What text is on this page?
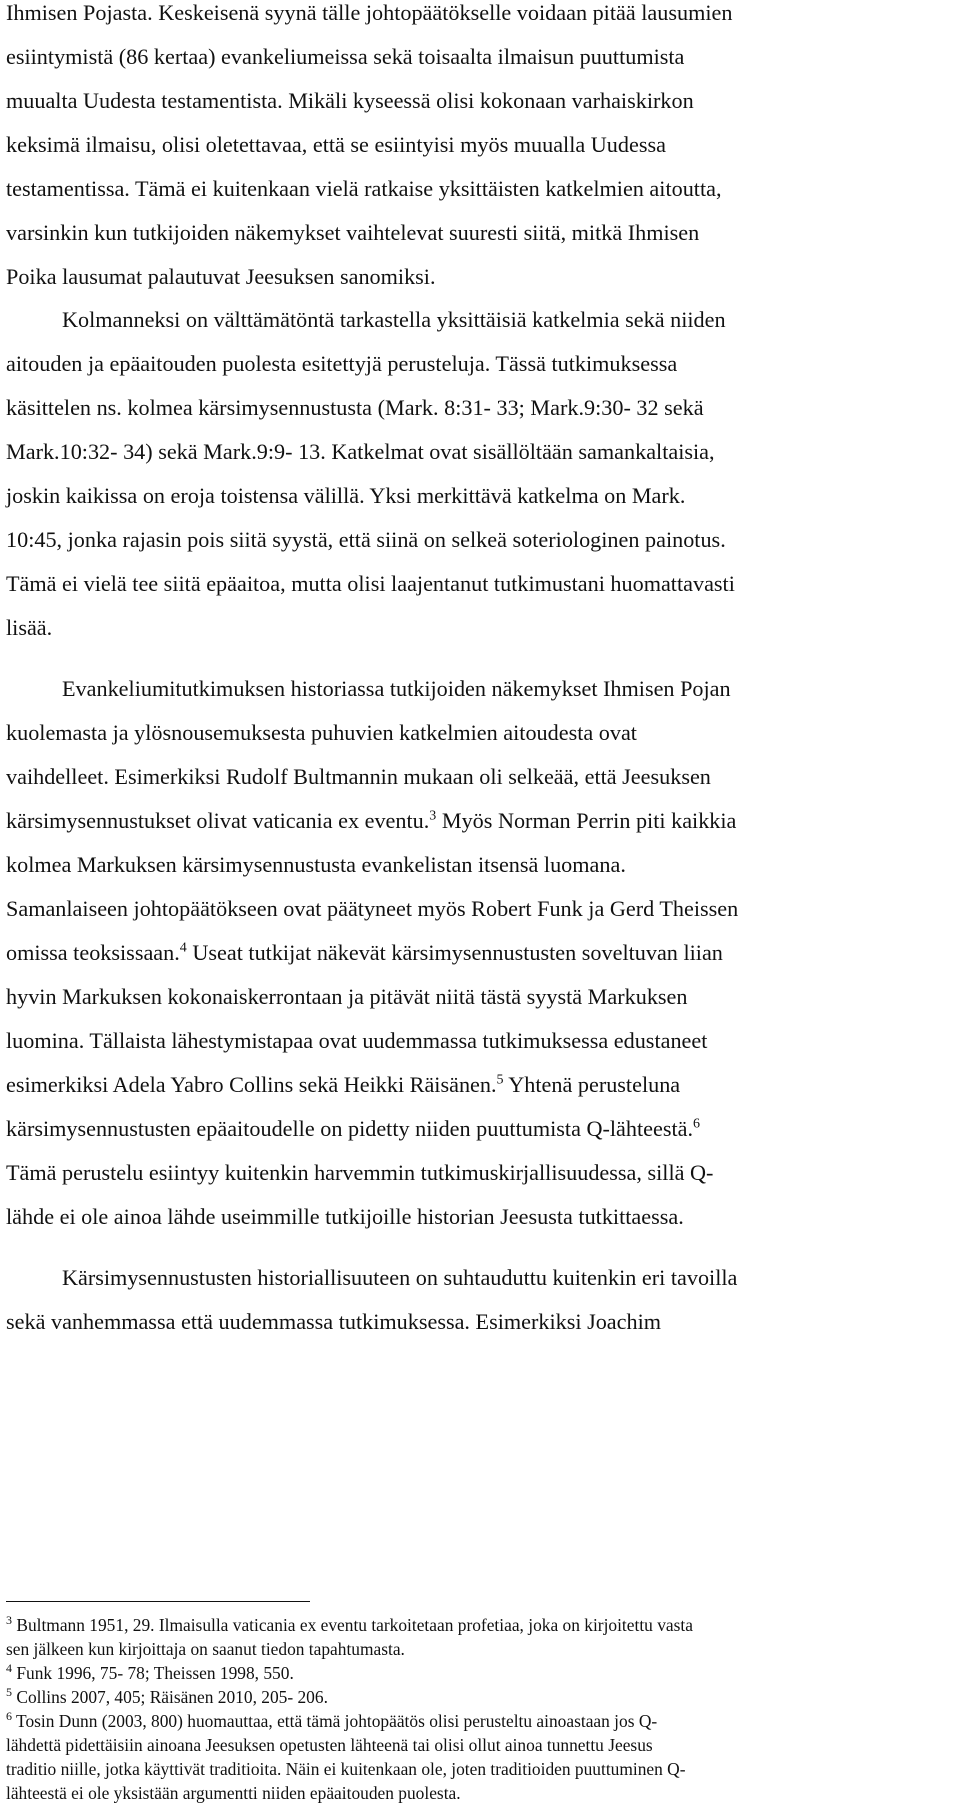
Ihmisen Pojasta. Keskeisenä syynä tälle johtopäätökselle voidaan pitää lausumien
esiintymistä (86 kertaa) evankeliumeissa sekä toisaalta ilmaisun puuttumista
muualta Uudesta testamentista. Mikäli kyseessä olisi kokonaan varhaiskirkon
keksimä ilmaisu, olisi oletettavaa, että se esiintyisi myös muualla Uudessa
testamentissa. Tämä ei kuitenkaan vielä ratkaise yksittäisten katkelmien aitoutta,
varsinkin kun tutkijoiden näkemykset vaihtelevat suuresti siitä, mitkä Ihmisen
Poika lausumat palautuvat Jeesuksen sanomiksi.
Kolmanneksi on välttämätöntä tarkastella yksittäisiä katkelmia sekä niiden
aitouden ja epäaitouden puolesta esitettyjä perusteluja. Tässä tutkimuksessa
käsittelen ns. kolmea kärsimysennustusta (Mark. 8:31- 33; Mark.9:30- 32 sekä
Mark.10:32- 34) sekä Mark.9:9- 13. Katkelmat ovat sisällöltään samankaltaisia,
joskin kaikissa on eroja toistensa välillä. Yksi merkittävä katkelma on Mark.
10:45, jonka rajasin pois siitä syystä, että siinä on selkeä soteriologinen painotus.
Tämä ei vielä tee siitä epäaitoa, mutta olisi laajentanut tutkimustani huomattavasti
lisää.
Evankeliumitutkimuksen historiassa tutkijoiden näkemykset Ihmisen Pojan
kuolemasta ja ylösnousemuksesta puhuvien katkelmien aitoudesta ovat
vaihdelleet. Esimerkiksi Rudolf Bultmannin mukaan oli selkeää, että Jeesuksen
kärsimysennustukset olivat vaticania ex eventu.$^3$ Myös Norman Perrin piti kaikkia
kolmea Markuksen kärsimysennustusta evankelistan itsensä luomana.
Samanlaiseen johtopäätökseen ovat päätyneet myös Robert Funk ja Gerd Theissen
omissa teoksissaan.$^4$ Useat tutkijat näkevät kärsimysennustusten soveltuvan liian
hyvin Markuksen kokonaiskerrontaan ja pitävät niitä tästä syystä Markuksen
luomina. Tällaista lähestymistapaa ovat uudemmassa tutkimuksessa edustaneet
esimerkiksi Adela Yabro Collins sekä Heikki Räisänen.$^5$ Yhtenä perusteluna
kärsimysennustusten epäaitoudelle on pidetty niiden puuttumista Q-lähteestä.$^6$
Tämä perustelu esiintyy kuitenkin harvemmin tutkimuskirjallisuudessa, sillä Q-
lähde ei ole ainoa lähde useimmille tutkijoille historian Jeesusta tutkittaessa.
Kärsimysennustusten historiallisuuteen on suhtauduttu kuitenkin eri tavoilla
sekä vanhemmassa että uudemmassa tutkimuksessa. Esimerkiksi Joachim
$^3$ Bultmann 1951, 29. Ilmaisulla vaticania ex eventu tarkoitetaan profetiaa, joka on kirjoitettu vasta
sen jälkeen kun kirjoittaja on saanut tiedon tapahtumasta.
$^4$ Funk 1996, 75- 78; Theissen 1998, 550.
$^5$ Collins 2007, 405; Räisänen 2010, 205- 206.
$^6$ Tosin Dunn (2003, 800) huomauttaa, että tämä johtopäätös olisi perusteltu ainoastaan jos Q-
lähdettä pidettäisiin ainoana Jeesuksen opetusten lähteenä tai olisi ollut ainoa tunnettu Jeesus
traditio niille, jotka käyttivät traditioita. Näin ei kuitenkaan ole, joten traditioiden puuttuminen Q-
lähteestä ei ole yksistään argumentti niiden epäaitouden puolesta.
